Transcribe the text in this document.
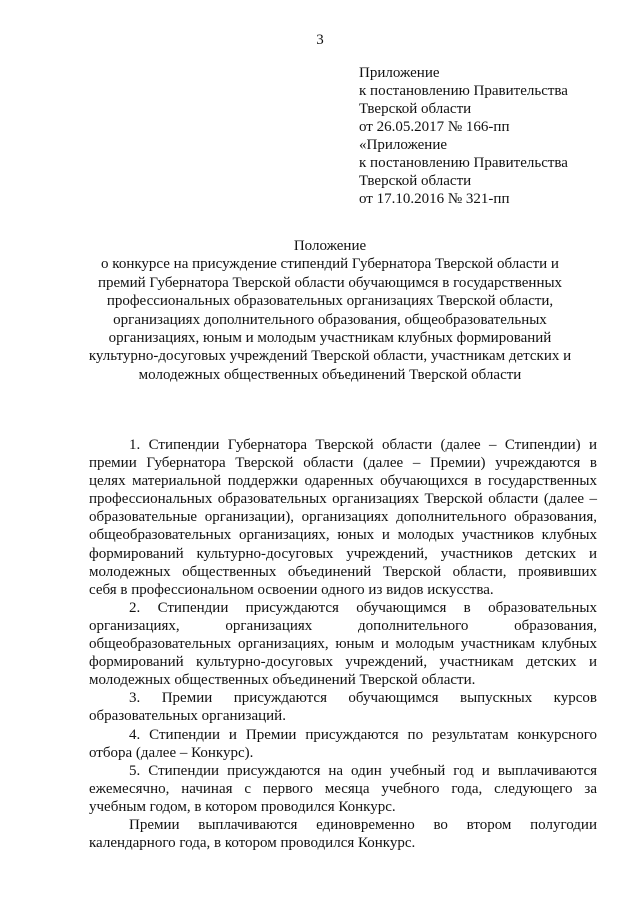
3
Приложение
к постановлению Правительства
Тверской области
от 26.05.2017 № 166-пп
«Приложение
к постановлению Правительства
Тверской области
от 17.10.2016 № 321-пп
Положение
о конкурсе на присуждение стипендий Губернатора Тверской области и
премий Губернатора Тверской области обучающимся в государственных
профессиональных образовательных организациях Тверской области,
организациях дополнительного образования, общеобразовательных
организациях, юным и молодым участникам клубных формирований
культурно-досуговых учреждений Тверской области, участникам детских и
молодежных общественных объединений Тверской области
1. Стипендии Губернатора Тверской области (далее – Стипендии) и
премии Губернатора Тверской области (далее – Премии) учреждаются в
целях материальной поддержки одаренных обучающихся в государственных
профессиональных образовательных организациях Тверской области (далее –
образовательные организации), организациях дополнительного образования,
общеобразовательных организациях, юных и молодых участников клубных
формирований культурно-досуговых учреждений, участников детских и
молодежных общественных объединений Тверской области, проявивших
себя в профессиональном освоении одного из видов искусства.
2. Стипендии присуждаются обучающимся в образовательных
организациях, организациях дополнительного образования,
общеобразовательных организациях, юным и молодым участникам клубных
формирований культурно-досуговых учреждений, участникам детских и
молодежных общественных объединений Тверской области.
3. Премии присуждаются обучающимся выпускных курсов
образовательных организаций.
4. Стипендии и Премии присуждаются по результатам конкурсного
отбора (далее – Конкурс).
5. Стипендии присуждаются на один учебный год и выплачиваются
ежемесячно, начиная с первого месяца учебного года, следующего за
учебным годом, в котором проводился Конкурс.
Премии выплачиваются единовременно во втором полугодии
календарного года, в котором проводился Конкурс.
